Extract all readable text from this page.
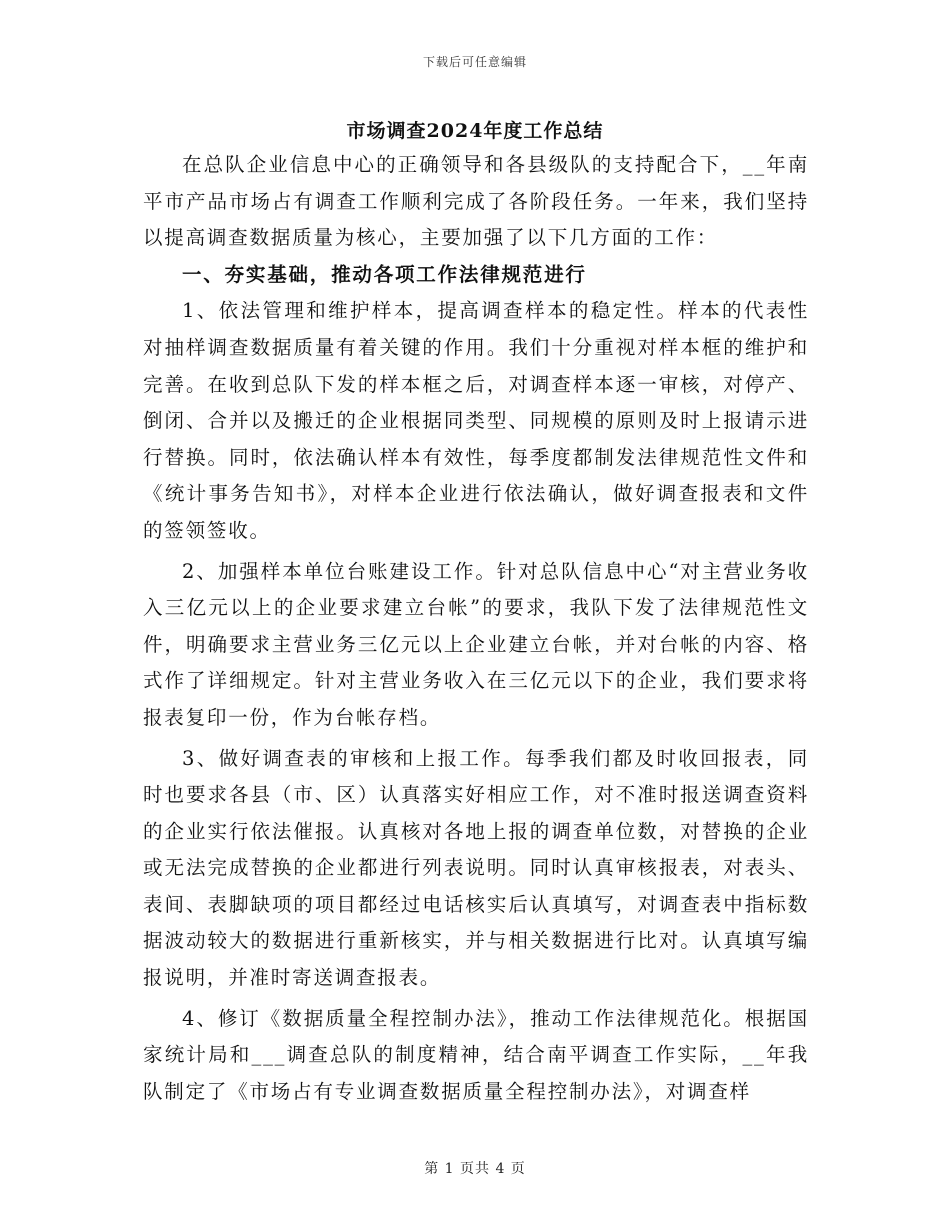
下载后可任意编辑
市场调查2024年度工作总结

在总队企业信息中心的正确领导和各县级队的支持配合下，__年南平市产品市场占有调查工作顺利完成了各阶段任务。一年来，我们坚持以提高调查数据质量为核心，主要加强了以下几方面的工作：

一、夯实基础，推动各项工作法律规范进行

1、依法管理和维护样本，提高调查样本的稳定性。样本的代表性对抽样调查数据质量有着关键的作用。我们十分重视对样本框的维护和完善。在收到总队下发的样本框之后，对调查样本逐一审核，对停产、倒闭、合并以及搬迁的企业根据同类型、同规模的原则及时上报请示进行替换。同时，依法确认样本有效性，每季度都制发法律规范性文件和《统计事务告知书》，对样本企业进行依法确认，做好调查报表和文件的签领签收。

2、加强样本单位台账建设工作。针对总队信息中心“对主营业务收入三亿元以上的企业要求建立台帐”的要求，我队下发了法律规范性文件，明确要求主营业务三亿元以上企业建立台帐，并对台帐的内容、格式作了详细规定。针对主营业务收入在三亿元以下的企业，我们要求将报表复印一份，作为台帐存档。

3、做好调查表的审核和上报工作。每季我们都及时收回报表，同时也要求各县（市、区）认真落实好相应工作，对不准时报送调查资料的企业实行依法催报。认真核对各地上报的调查单位数，对替换的企业或无法完成替换的企业都进行列表说明。同时认真审核报表，对表头、表间、表脚缺项的项目都经过电话核实后认真填写，对调查表中指标数据波动较大的数据进行重新核实，并与相关数据进行比对。认真填写编报说明，并准时寄送调查报表。

4、修订《数据质量全程控制办法》，推动工作法律规范化。根据国家统计局和___调查总队的制度精神，结合南平调查工作实际，__年我队制定了《市场占有专业调查数据质量全程控制办法》，对调查样

第 1 页共 4 页
